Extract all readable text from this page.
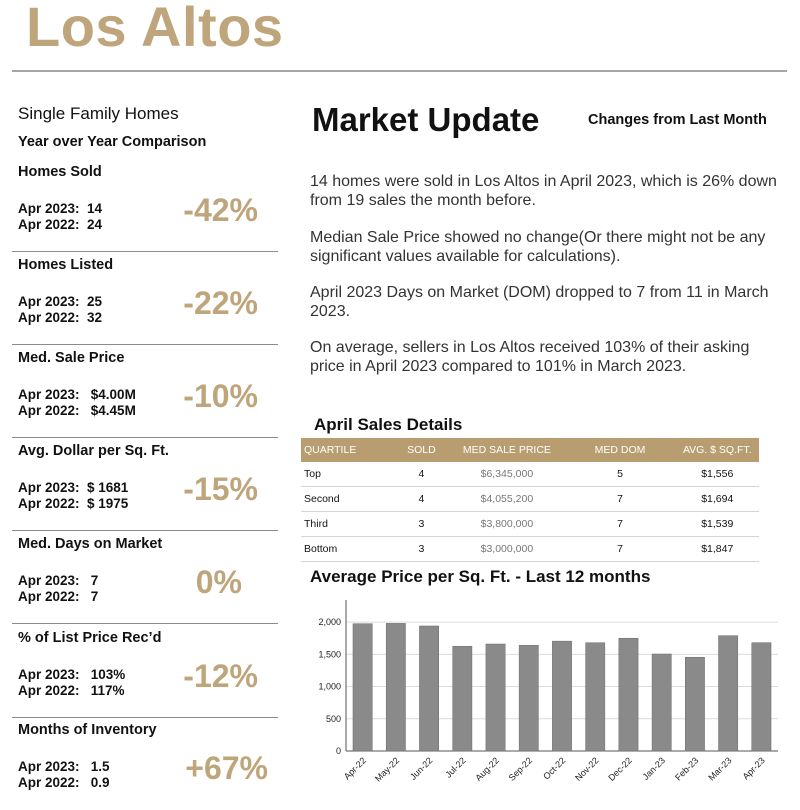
Los Altos
Single Family Homes
Year over Year Comparison
Homes Sold
Apr 2023:  14
Apr 2022:  24	-42%
Homes Listed
Apr 2023:  25
Apr 2022:  32	-22%
Med. Sale Price
Apr 2023:   $4.00M
Apr 2022:   $4.45M -10%
Avg. Dollar per Sq. Ft.
Apr 2023:  $ 1681
Apr 2022:  $ 1975 -15%
Med. Days on Market
Apr 2023:   7
Apr 2022:   7	0%
% of List Price Rec’d
Apr 2023:   103%
Apr 2022:   117% -12%
Months of Inventory
Apr 2023:   1.5
Apr 2022:   0.9 +67%
Market Update	Changes from Last Month
14 homes were sold in Los Altos in April 2023, which is 26% down from 19 sales the month before.
Median Sale Price showed no change(Or there might not be any significant values available for calculations).
April 2023 Days on Market (DOM) dropped to 7 from 11 in March 2023.
On average, sellers in Los Altos received 103% of their asking price in April 2023 compared to 101% in March 2023.
April Sales Details
QUARTILE	SOLD	MED SALE PRICE	MED DOM	AVG. $ SQ.FT.
Top	4	$6,345,000	5	$1,556
Second	4	$4,055,200	7	$1,694
Third	3	$3,800,000	7	$1,539
Bottom	3	$3,000,000	7	$1,847
Average Price per Sq. Ft. - Last 12 months
0
500
1,000
1,500
2,000
Apr-22 May-22 Jun-22 Jul-22 Aug-22 Sep-22 Oct-22 Nov-22 Dec-22 Jan-23 Feb-23 Mar-23 Apr-23
